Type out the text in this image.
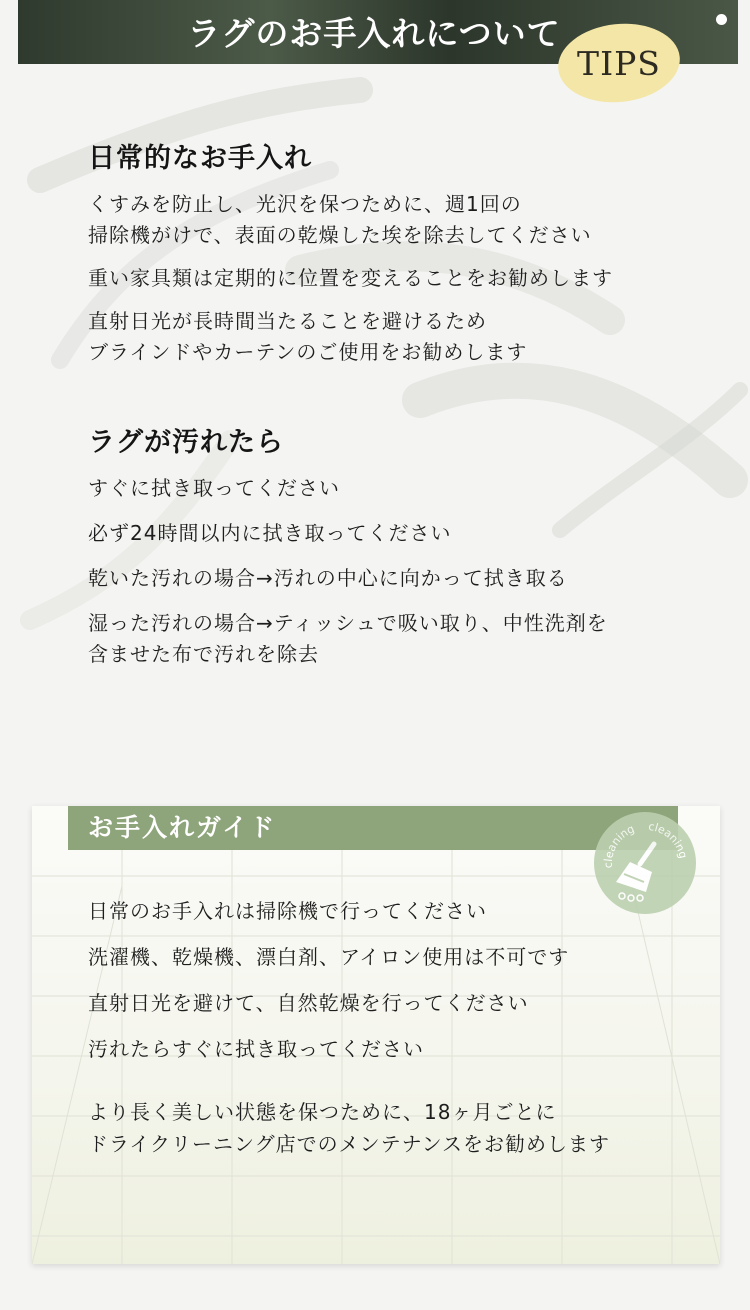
ラグのお手入れについて
TIPS
日常的なお手入れ

くすみを防止し、光沢を保つために、週1回の
掃除機がけで、表面の乾燥した埃を除去してください

重い家具類は定期的に位置を変えることをお勧めします

直射日光が長時間当たることを避けるため
ブラインドやカーテンのご使用をお勧めします

ラグが汚れたら

すぐに拭き取ってください

必ず24時間以内に拭き取ってください

乾いた汚れの場合→汚れの中心に向かって拭き取る

湿った汚れの場合→ティッシュで吸い取り、中性洗剤を
含ませた布で汚れを除去

お手入れガイド

日常のお手入れは掃除機で行ってください

洗濯機、乾燥機、漂白剤、アイロン使用は不可です

直射日光を避けて、自然乾燥を行ってください

汚れたらすぐに拭き取ってください

より長く美しい状態を保つために、18ヶ月ごとに
ドライクリーニング店でのメンテナンスをお勧めします

cleaning cleaning
